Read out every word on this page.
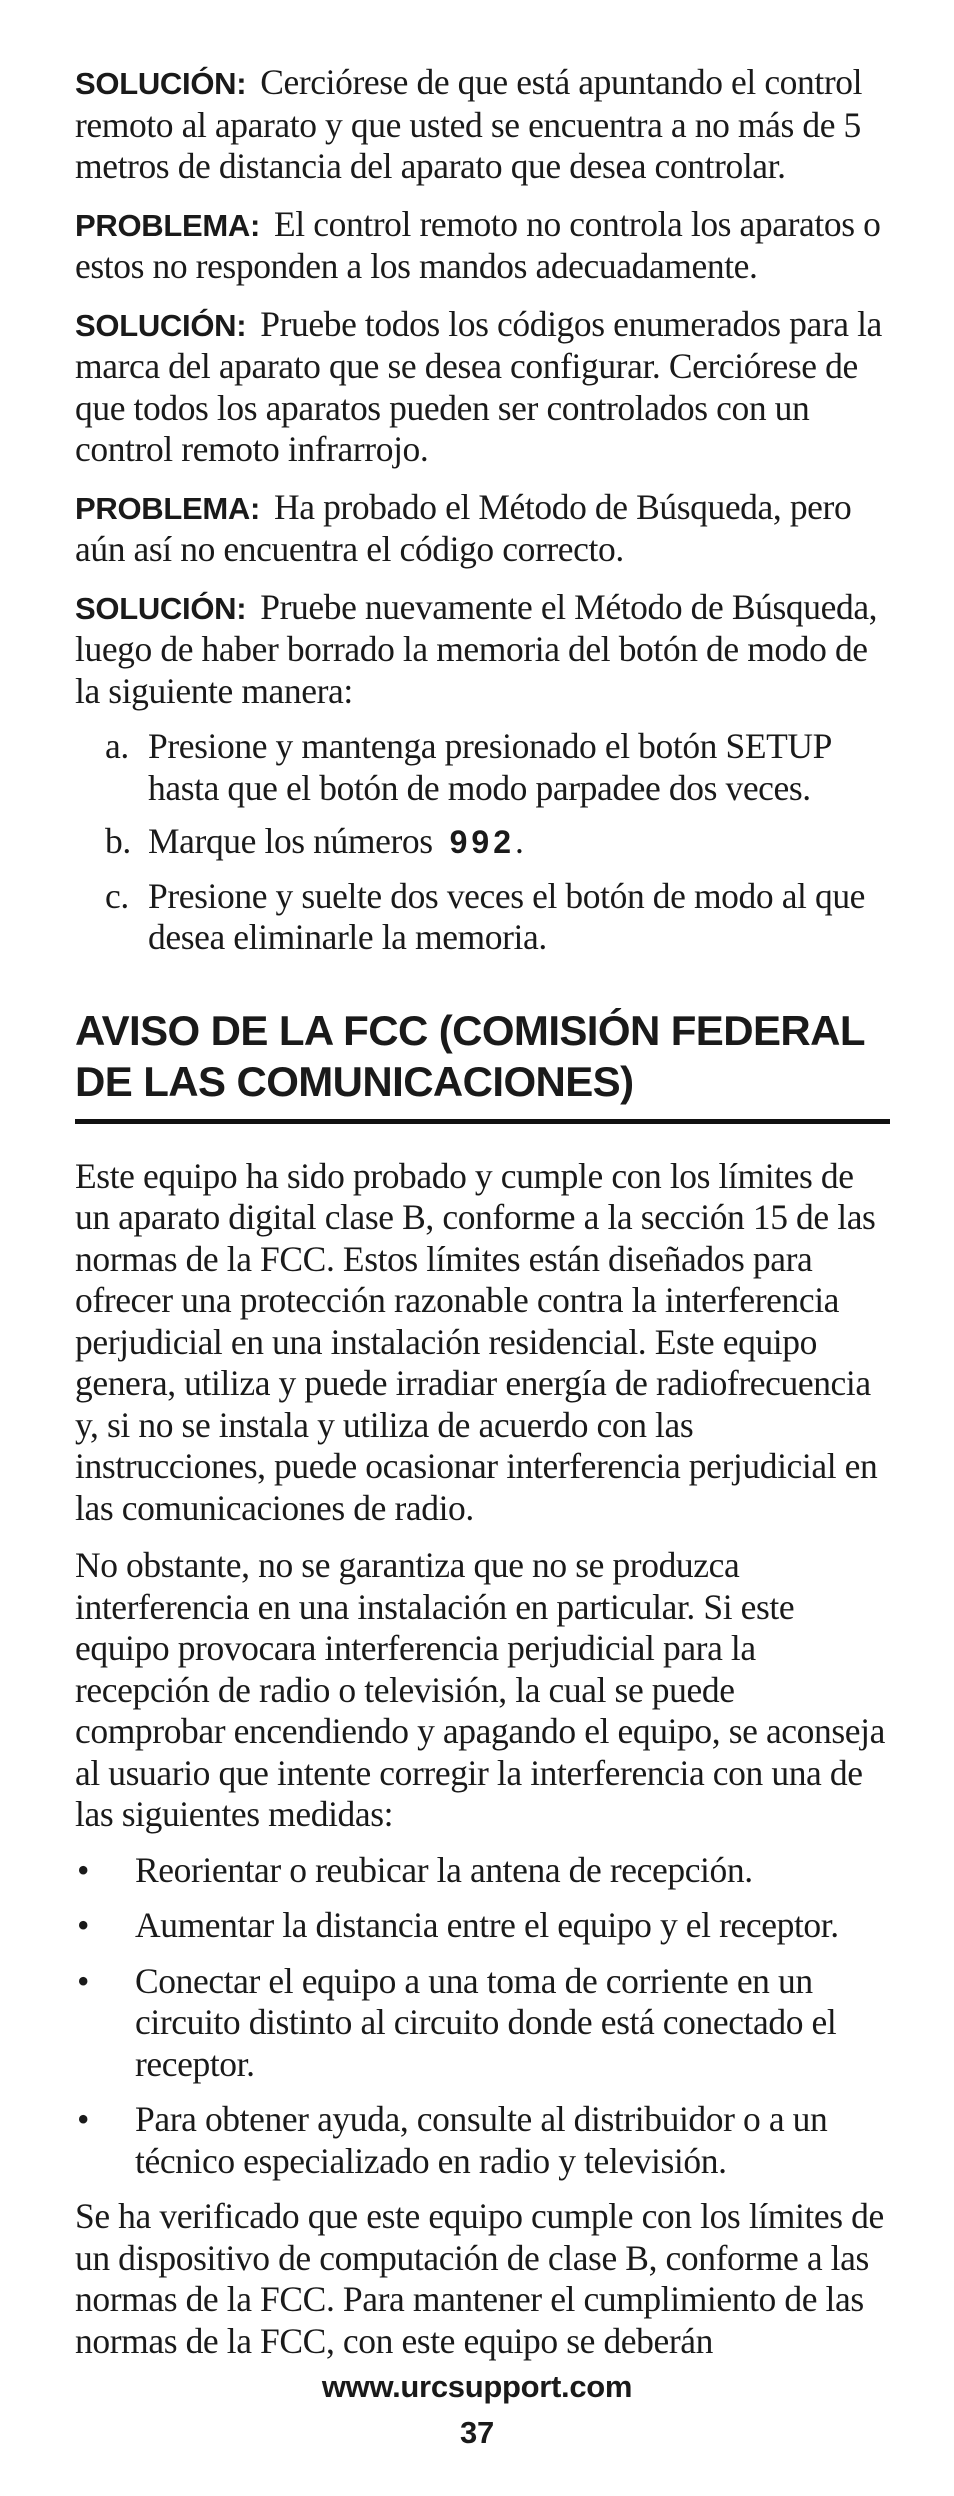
SOLUCIÓN: Cerciórese de que está apuntando el control remoto al aparato y que usted se encuentra a no más de 5 metros de distancia del aparato que desea controlar.

PROBLEMA: El control remoto no controla los aparatos o estos no responden a los mandos adecuadamente.

SOLUCIÓN: Pruebe todos los códigos enumerados para la marca del aparato que se desea configurar. Cerciórese de que todos los aparatos pueden ser controlados con un control remoto infrarrojo.

PROBLEMA: Ha probado el Método de Búsqueda, pero aún así no encuentra el código correcto.

SOLUCIÓN: Pruebe nuevamente el Método de Búsqueda, luego de haber borrado la memoria del botón de modo de la siguiente manera:

a. Presione y mantenga presionado el botón SETUP hasta que el botón de modo parpadee dos veces.
b. Marque los números 992.
c. Presione y suelte dos veces el botón de modo al que desea eliminarle la memoria.
AVISO DE LA FCC (COMISIÓN FEDERAL DE LAS COMUNICACIONES)

Este equipo ha sido probado y cumple con los límites de un aparato digital clase B, conforme a la sección 15 de las normas de la FCC. Estos límites están diseñados para ofrecer una protección razonable contra la interferencia perjudicial en una instalación residencial. Este equipo genera, utiliza y puede irradiar energía de radiofrecuencia y, si no se instala y utiliza de acuerdo con las instrucciones, puede ocasionar interferencia perjudicial en las comunicaciones de radio.

No obstante, no se garantiza que no se produzca interferencia en una instalación en particular. Si este equipo provocara interferencia perjudicial para la recepción de radio o televisión, la cual se puede comprobar encendiendo y apagando el equipo, se aconseja al usuario que intente corregir la interferencia con una de las siguientes medidas:

• Reorientar o reubicar la antena de recepción.
• Aumentar la distancia entre el equipo y el receptor.
• Conectar el equipo a una toma de corriente en un circuito distinto al circuito donde está conectado el receptor.
• Para obtener ayuda, consulte al distribuidor o a un técnico especializado en radio y televisión.

Se ha verificado que este equipo cumple con los límites de un dispositivo de computación de clase B, conforme a las normas de la FCC. Para mantener el cumplimiento de las normas de la FCC, con este equipo se deberán

www.urcsupport.com
37
